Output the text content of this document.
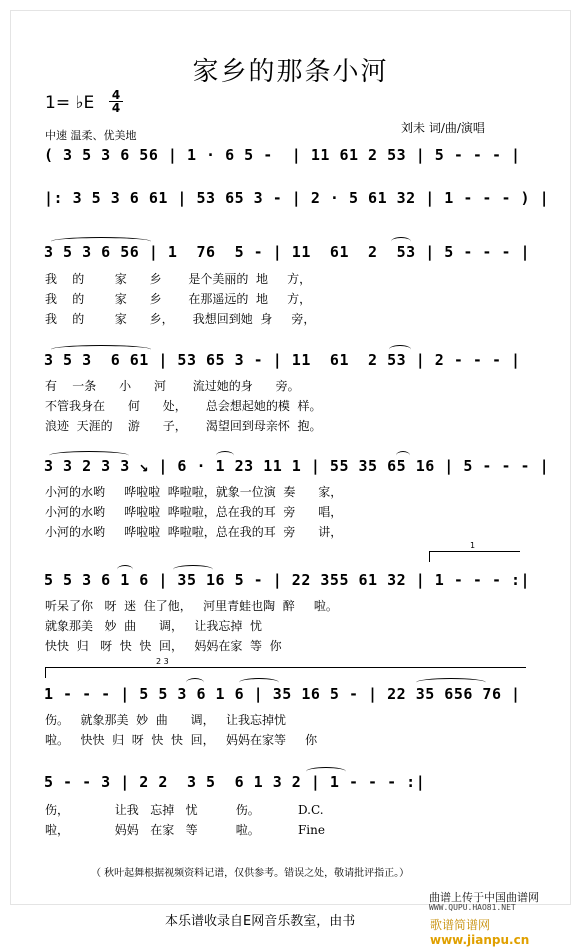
家乡的那条小河
1= ♭E $\frac{4}{4}$
中速 温柔、优美地
刘未 词/曲/演唱
( 3 5 3 6 56 | 1 · 6 5 -  | 11 61 2 53 | 5 - - - |
|: 3 5 3 6 61 | 53 65 3 - | 2 · 5 61 32 | 1 - - - ) |
3 5 3 6 56 | 1  76  5 - | 11  61  2  53 | 5 - - - |
我    的        家      乡       是个美丽的  地     方，
我    的        家      乡       在那遥远的  地     方，
我    的        家      乡，     我想回到她  身     旁，
3 5 3  6 61 | 53 65 3 - | 11  61  2 53 | 2 - - - |
有    一条      小      河       流过她的身      旁。
不管我身在      何      处，     总会想起她的模  样。
浪迹  天涯的    游      子，     渴望回到母亲怀  抱。
3 3 2 3 3 ↘ | 6 · 1 23 11 1 | 55 35 65 16 | 5 - - - |
小河的水哟     哗啦啦  哗啦啦，就象一位演  奏      家，
小河的水哟     哗啦啦  哗啦啦，总在我的耳  旁      唱，
小河的水哟     哗啦啦  哗啦啦，总在我的耳  旁      讲，
1
5 5 3 6 1 6 | 35 16 5 - | 22 355 61 32 | 1 - - - :|
听呆了你   呀  迷  住了他，   河里青蛙也陶  醉     啦。
就象那美   妙  曲      调，   让我忘掉  忧
快快  归   呀  快  快  回，   妈妈在家  等  你
2 3
1 - - - | 5 5 3 6 1 6 | 35 16 5 - | 22 35 656 76 |
伤。   就象那美  妙  曲      调，   让我忘掉忧
啦。   快快  归  呀  快  快  回，   妈妈在家等     你
5 - - 3 | 2 2  3 5  6 1 3 2 | 1 - - - :|
伤，            让我   忘掉   忧          伤。          D.C.
啦，            妈妈   在家   等          啦。          Fine
（ 秋叶起舞根据视频资料记谱，仅供参考。错误之处，敬请批评指正。）
曲谱上传于中国曲谱网
WWW.QUPU.HAO81.NET
本乐谱收录自E网音乐教室，由书	歌谱简谱网 www.jianpu.cn
